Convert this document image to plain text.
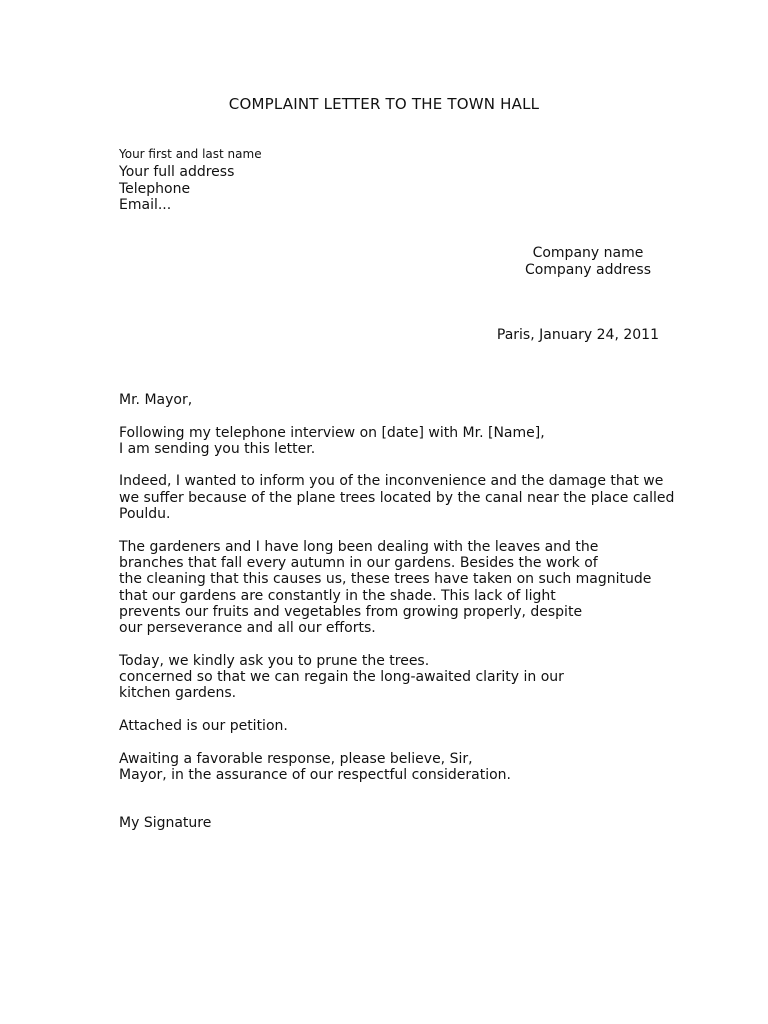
COMPLAINT LETTER TO THE TOWN HALL
Your first and last name
Your full address
Telephone
Email...
Company name
Company address
Paris, January 24, 2011

Mr. Mayor,

Following my telephone interview on [date] with Mr. [Name],
I am sending you this letter.

Indeed, I wanted to inform you of the inconvenience and the damage that we
we suffer because of the plane trees located by the canal near the place called
Pouldu.

The gardeners and I have long been dealing with the leaves and the
branches that fall every autumn in our gardens. Besides the work of
the cleaning that this causes us, these trees have taken on such magnitude
that our gardens are constantly in the shade. This lack of light
prevents our fruits and vegetables from growing properly, despite
our perseverance and all our efforts.

Today, we kindly ask you to prune the trees.
concerned so that we can regain the long-awaited clarity in our
kitchen gardens.

Attached is our petition.

Awaiting a favorable response, please believe, Sir,
Mayor, in the assurance of our respectful consideration.

My Signature
